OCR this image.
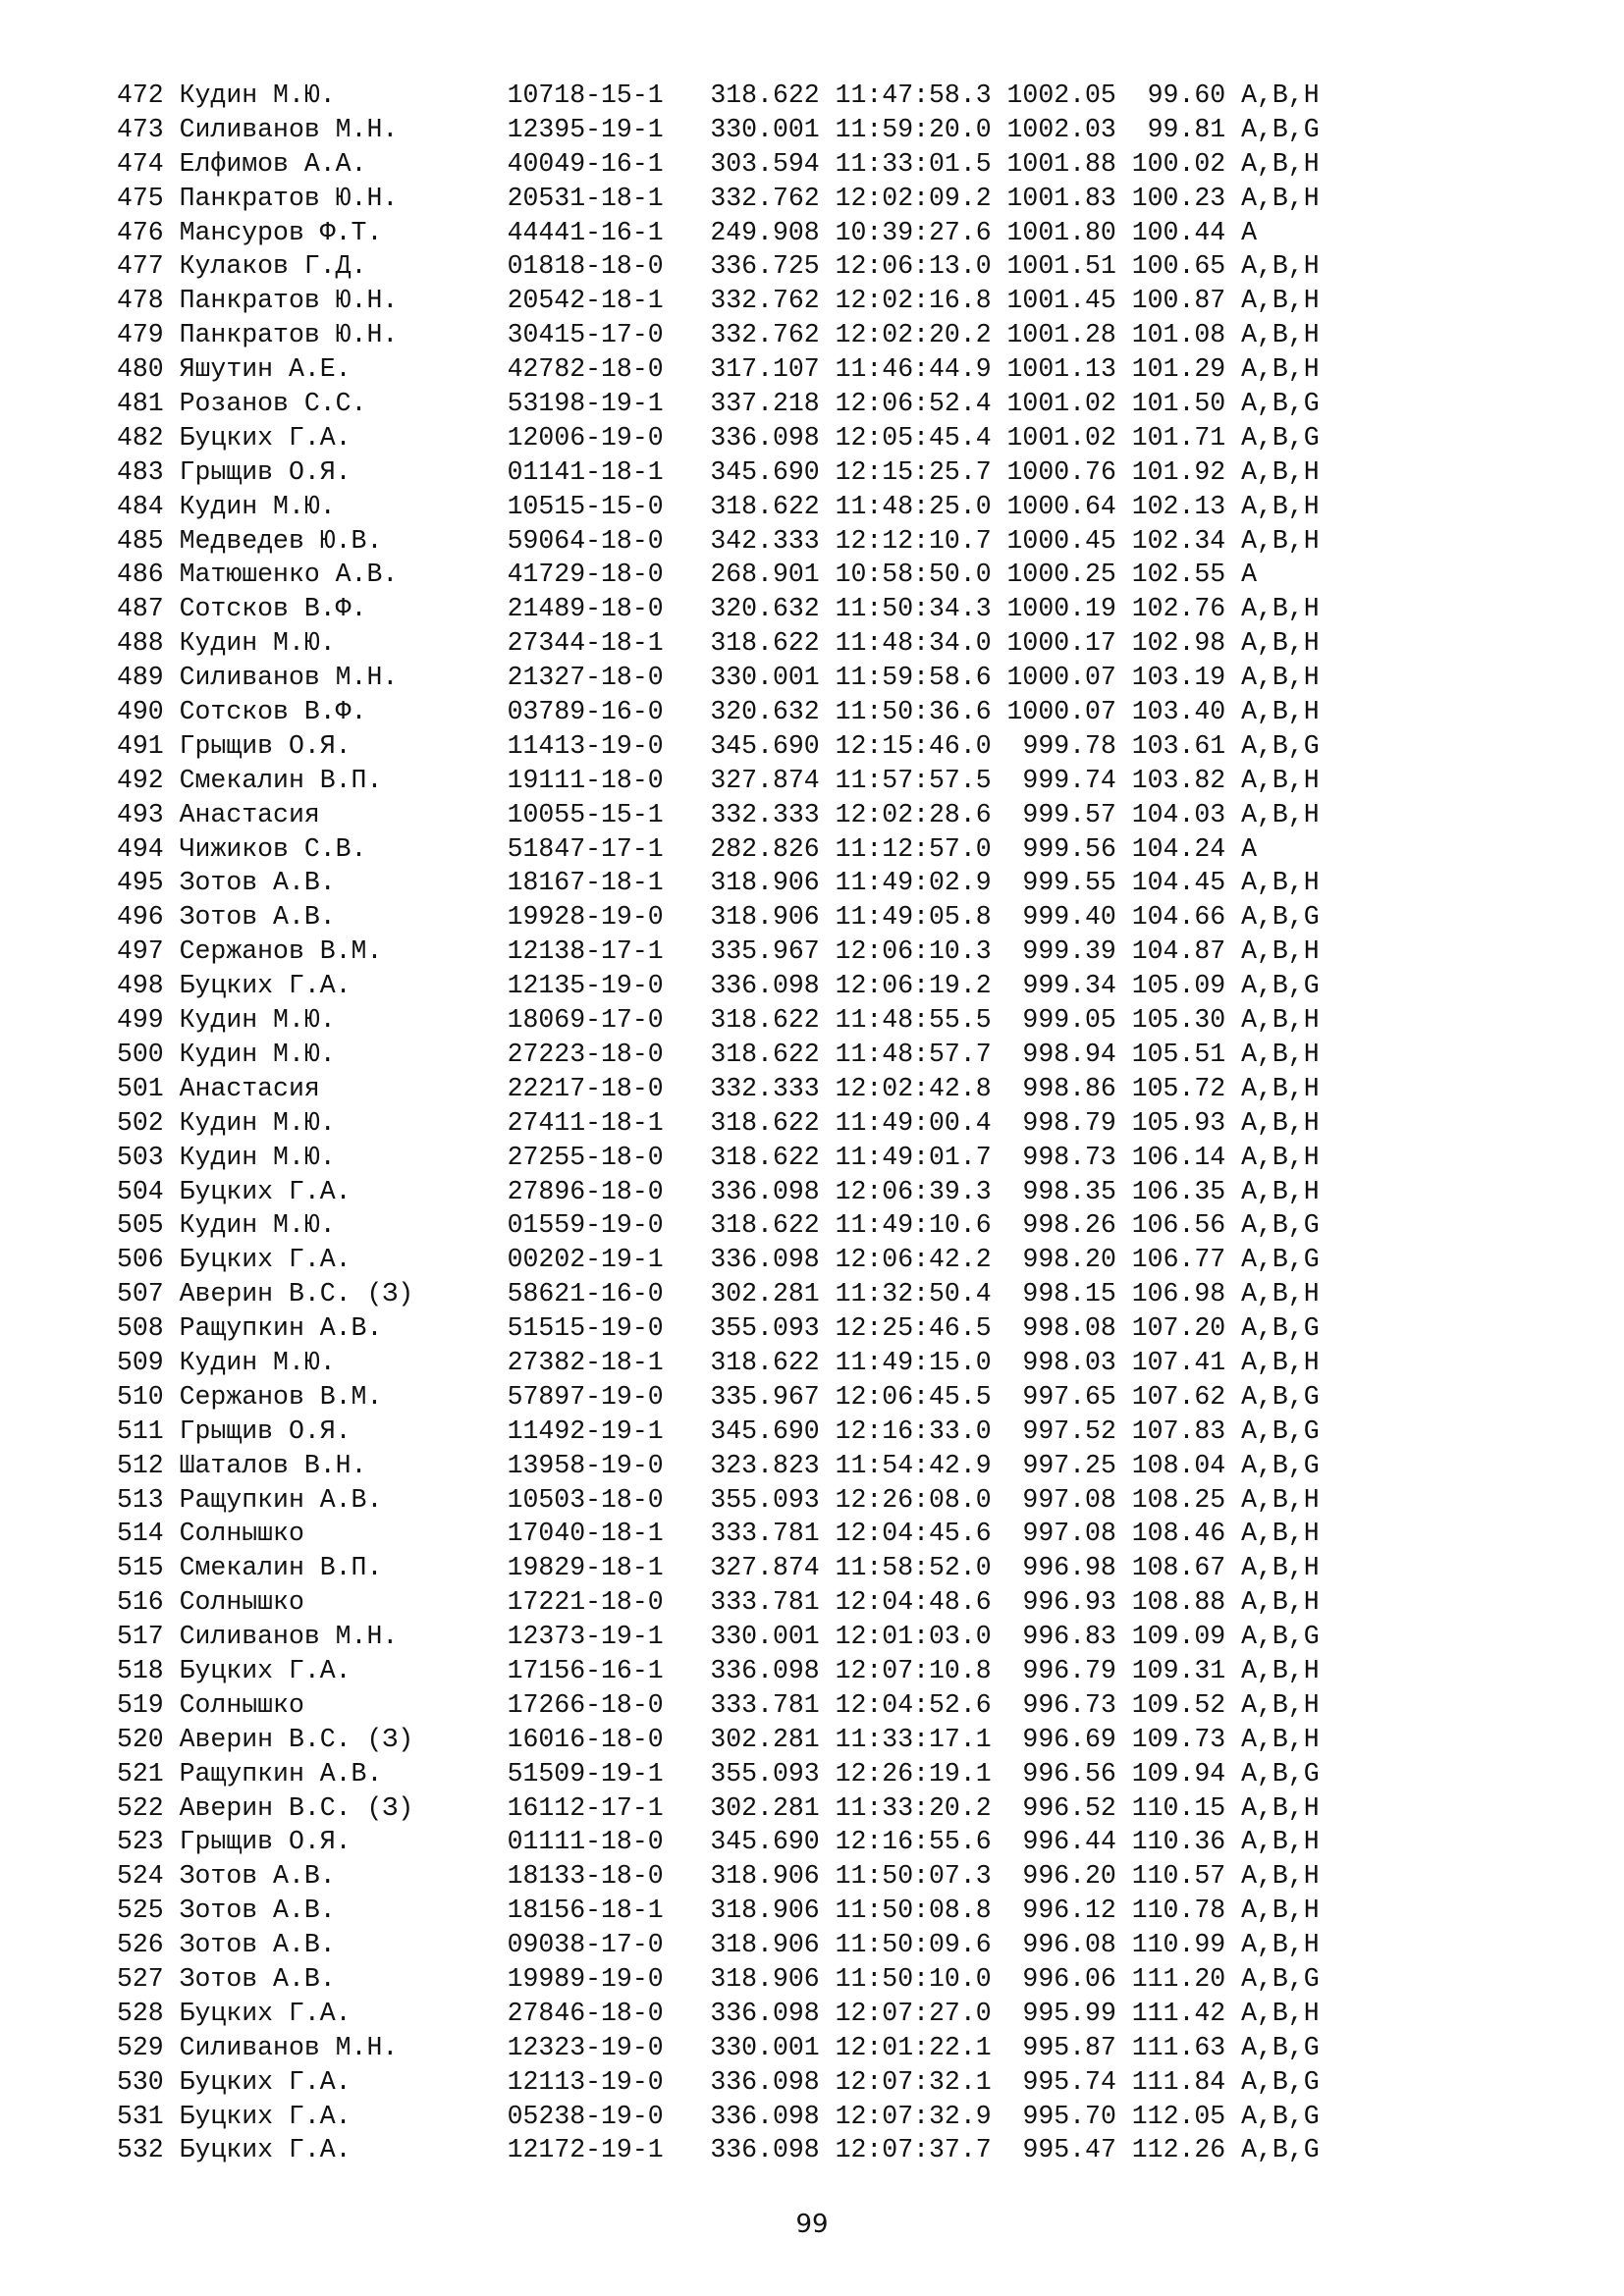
472 Кудин М.Ю.	10718-15-1 318.622 11:47:58.3 1002.05 99.60 A,B,H
473 Силиванов М.Н.	12395-19-1 330.001 11:59:20.0 1002.03 99.81 A,B,G
474 Елфимов А.А.	40049-16-1 303.594 11:33:01.5 1001.88 100.02 A,B,H
475 Панкратов Ю.Н.	20531-18-1 332.762 12:02:09.2 1001.83 100.23 A,B,H
476 Мансуров Ф.Т.	44441-16-1 249.908 10:39:27.6 1001.80 100.44 A
477 Кулаков Г.Д.	01818-18-0 336.725 12:06:13.0 1001.51 100.65 A,B,H
478 Панкратов Ю.Н.	20542-18-1 332.762 12:02:16.8 1001.45 100.87 A,B,H
479 Панкратов Ю.Н.	30415-17-0 332.762 12:02:20.2 1001.28 101.08 A,B,H
480 Яшутин А.Е.	42782-18-0 317.107 11:46:44.9 1001.13 101.29 A,B,H
481 Розанов С.С.	53198-19-1 337.218 12:06:52.4 1001.02 101.50 A,B,G
482 Буцких Г.А.	12006-19-0 336.098 12:05:45.4 1001.02 101.71 A,B,G
483 Грыщив О.Я.	01141-18-1 345.690 12:15:25.7 1000.76 101.92 A,B,H
484 Кудин М.Ю.	10515-15-0 318.622 11:48:25.0 1000.64 102.13 A,B,H
485 Медведев Ю.В.	59064-18-0 342.333 12:12:10.7 1000.45 102.34 A,B,H
486 Матюшенко А.В.	41729-18-0 268.901 10:58:50.0 1000.25 102.55 A
487 Сотсков В.Ф.	21489-18-0 320.632 11:50:34.3 1000.19 102.76 A,B,H
488 Кудин М.Ю.	27344-18-1 318.622 11:48:34.0 1000.17 102.98 A,B,H
489 Силиванов М.Н.	21327-18-0 330.001 11:59:58.6 1000.07 103.19 A,B,H
490 Сотсков В.Ф.	03789-16-0 320.632 11:50:36.6 1000.07 103.40 A,B,H
491 Грыщив О.Я.	11413-19-0 345.690 12:15:46.0 999.78 103.61 A,B,G
492 Смекалин В.П.	19111-18-0 327.874 11:57:57.5 999.74 103.82 A,B,H
493 Анастасия	10055-15-1 332.333 12:02:28.6 999.57 104.03 A,B,H
494 Чижиков С.В.	51847-17-1 282.826 11:12:57.0 999.56 104.24 A
495 Зотов А.В.	18167-18-1 318.906 11:49:02.9 999.55 104.45 A,B,H
496 Зотов А.В.	19928-19-0 318.906 11:49:05.8 999.40 104.66 A,B,G
497 Сержанов В.М.	12138-17-1 335.967 12:06:10.3 999.39 104.87 A,B,H
498 Буцких Г.А.	12135-19-0 336.098 12:06:19.2 999.34 105.09 A,B,G
499 Кудин М.Ю.	18069-17-0 318.622 11:48:55.5 999.05 105.30 A,B,H
500 Кудин М.Ю.	27223-18-0 318.622 11:48:57.7 998.94 105.51 A,B,H
501 Анастасия	22217-18-0 332.333 12:02:42.8 998.86 105.72 A,B,H
502 Кудин М.Ю.	27411-18-1 318.622 11:49:00.4 998.79 105.93 A,B,H
503 Кудин М.Ю.	27255-18-0 318.622 11:49:01.7 998.73 106.14 A,B,H
504 Буцких Г.А.	27896-18-0 336.098 12:06:39.3 998.35 106.35 A,B,H
505 Кудин М.Ю.	01559-19-0 318.622 11:49:10.6 998.26 106.56 A,B,G
506 Буцких Г.А.	00202-19-1 336.098 12:06:42.2 998.20 106.77 A,B,G
507 Аверин В.С. (З)	58621-16-0 302.281 11:32:50.4 998.15 106.98 A,B,H
508 Ращупкин А.В.	51515-19-0 355.093 12:25:46.5 998.08 107.20 A,B,G
509 Кудин М.Ю.	27382-18-1 318.622 11:49:15.0 998.03 107.41 A,B,H
510 Сержанов В.М.	57897-19-0 335.967 12:06:45.5 997.65 107.62 A,B,G
511 Грыщив О.Я.	11492-19-1 345.690 12:16:33.0 997.52 107.83 A,B,G
512 Шаталов В.Н.	13958-19-0 323.823 11:54:42.9 997.25 108.04 A,B,G
513 Ращупкин А.В.	10503-18-0 355.093 12:26:08.0 997.08 108.25 A,B,H
514 Солнышко	17040-18-1 333.781 12:04:45.6 997.08 108.46 A,B,H
515 Смекалин В.П.	19829-18-1 327.874 11:58:52.0 996.98 108.67 A,B,H
516 Солнышко	17221-18-0 333.781 12:04:48.6 996.93 108.88 A,B,H
517 Силиванов М.Н.	12373-19-1 330.001 12:01:03.0 996.83 109.09 A,B,G
518 Буцких Г.А.	17156-16-1 336.098 12:07:10.8 996.79 109.31 A,B,H
519 Солнышко	17266-18-0 333.781 12:04:52.6 996.73 109.52 A,B,H
520 Аверин В.С. (З)	16016-18-0 302.281 11:33:17.1 996.69 109.73 A,B,H
521 Ращупкин А.В.	51509-19-1 355.093 12:26:19.1 996.56 109.94 A,B,G
522 Аверин В.С. (З)	16112-17-1 302.281 11:33:20.2 996.52 110.15 A,B,H
523 Грыщив О.Я.	01111-18-0 345.690 12:16:55.6 996.44 110.36 A,B,H
524 Зотов А.В.	18133-18-0 318.906 11:50:07.3 996.20 110.57 A,B,H
525 Зотов А.В.	18156-18-1 318.906 11:50:08.8 996.12 110.78 A,B,H
526 Зотов А.В.	09038-17-0 318.906 11:50:09.6 996.08 110.99 A,B,H
527 Зотов А.В.	19989-19-0 318.906 11:50:10.0 996.06 111.20 A,B,G
528 Буцких Г.А.	27846-18-0 336.098 12:07:27.0 995.99 111.42 A,B,H
529 Силиванов М.Н.	12323-19-0 330.001 12:01:22.1 995.87 111.63 A,B,G
530 Буцких Г.А.	12113-19-0 336.098 12:07:32.1 995.74 111.84 A,B,G
531 Буцких Г.А.	05238-19-0 336.098 12:07:32.9 995.70 112.05 A,B,G
532 Буцких Г.А.	12172-19-1 336.098 12:07:37.7 995.47 112.26 A,B,G
99
